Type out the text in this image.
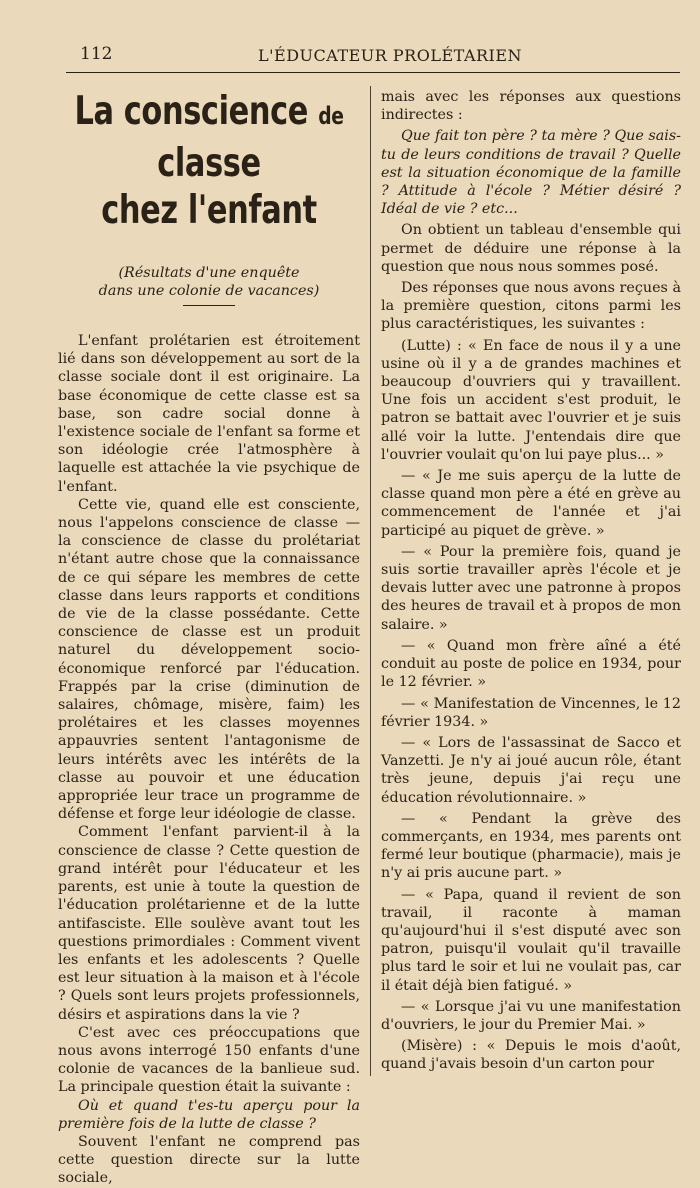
112	L'ÉDUCATEUR PROLÉTARIEN
La conscience de classe
chez l'enfant
(Résultats d'une enquête
dans une colonie de vacances)

L'enfant prolétarien est étroitement lié dans son développement au sort de la classe sociale dont il est originaire. La base économique de cette classe est sa base, son cadre social donne à l'existence sociale de l'enfant sa forme et son idéologie crée l'atmosphère à laquelle est attachée la vie psychique de l'enfant.

Cette vie, quand elle est consciente, nous l'appelons conscience de classe — la conscience de classe du prolétariat n'étant autre chose que la connaissance de ce qui sépare les membres de cette classe dans leurs rapports et conditions de vie de la classe possédante. Cette conscience de classe est un produit naturel du développement socio-économique renforcé par l'éducation. Frappés par la crise (diminution de salaires, chômage, misère, faim) les prolétaires et les classes moyennes appauvries sentent l'antagonisme de leurs intérêts avec les intérêts de la classe au pouvoir et une éducation appropriée leur trace un programme de défense et forge leur idéologie de classe.

Comment l'enfant parvient-il à la conscience de classe ? Cette question de grand intérêt pour l'éducateur et les parents, est unie à toute la question de l'éducation prolétarienne et de la lutte antifasciste. Elle soulève avant tout les questions primordiales : Comment vivent les enfants et les adolescents ? Quelle est leur situation à la maison et à l'école ? Quels sont leurs projets professionnels, désirs et aspirations dans la vie ?

C'est avec ces préoccupations que nous avons interrogé 150 enfants d'une colonie de vacances de la banlieue sud. La principale question était la suivante :

Où et quand t'es-tu aperçu pour la première fois de la lutte de classe ?

Souvent l'enfant ne comprend pas cette question directe sur la lutte sociale,

mais avec les réponses aux questions indirectes :

Que fait ton père ? ta mère ? Que sais-tu de leurs conditions de travail ? Quelle est la situation économique de la famille ? Attitude à l'école ? Métier désiré ? Idéal de vie ? etc...

On obtient un tableau d'ensemble qui permet de déduire une réponse à la question que nous nous sommes posé.

Des réponses que nous avons reçues à la première question, citons parmi les plus caractéristiques, les suivantes :

(Lutte) : « En face de nous il y a une usine où il y a de grandes machines et beaucoup d'ouvriers qui y travaillent. Une fois un accident s'est produit, le patron se battait avec l'ouvrier et je suis allé voir la lutte. J'entendais dire que l'ouvrier voulait qu'on lui paye plus... »

— « Je me suis aperçu de la lutte de classe quand mon père a été en grève au commencement de l'année et j'ai participé au piquet de grève. »

— « Pour la première fois, quand je suis sortie travailler après l'école et je devais lutter avec une patronne à propos des heures de travail et à propos de mon salaire. »

— « Quand mon frère aîné a été conduit au poste de police en 1934, pour le 12 février. »

— « Manifestation de Vincennes, le 12 février 1934. »

— « Lors de l'assassinat de Sacco et Vanzetti. Je n'y ai joué aucun rôle, étant très jeune, depuis j'ai reçu une éducation révolutionnaire. »

— « Pendant la grève des commerçants, en 1934, mes parents ont fermé leur boutique (pharmacie), mais je n'y ai pris aucune part. »

— « Papa, quand il revient de son travail, il raconte à maman qu'aujourd'hui il s'est disputé avec son patron, puisqu'il voulait qu'il travaille plus tard le soir et lui ne voulait pas, car il était déjà bien fatigué. »

— « Lorsque j'ai vu une manifestation d'ouvriers, le jour du Premier Mai. »

(Misère) : « Depuis le mois d'août, quand j'avais besoin d'un carton pour
